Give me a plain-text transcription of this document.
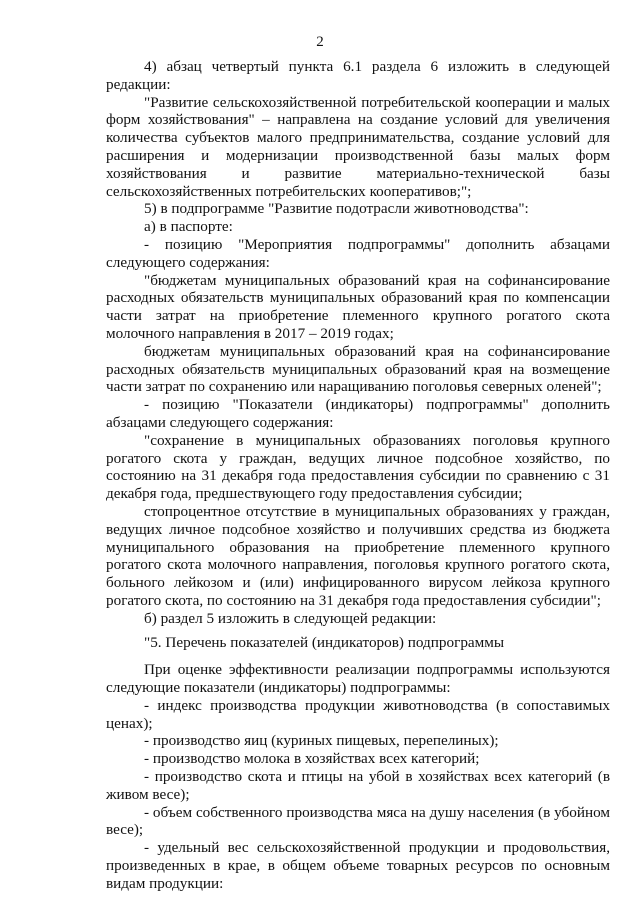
2

4) абзац четвертый пункта 6.1 раздела 6 изложить в следующей редакции:

"Развитие сельскохозяйственной потребительской кооперации и малых форм хозяйствования" – направлена на создание условий для увеличения количества субъектов малого предпринимательства, создание условий для расширения и модернизации производственной базы малых форм хозяйствования и развитие материально-технической базы сельскохозяйственных потребительских кооперативов;";

5) в подпрограмме "Развитие подотрасли животноводства":

а) в паспорте:

- позицию "Мероприятия подпрограммы" дополнить абзацами следующего содержания:

"бюджетам муниципальных образований края на софинансирование расходных обязательств муниципальных образований края по компенсации части затрат на приобретение племенного крупного рогатого скота молочного направления в 2017 – 2019 годах;

бюджетам муниципальных образований края на софинансирование расходных обязательств муниципальных образований края на возмещение части затрат по сохранению или наращиванию поголовья северных оленей";

- позицию "Показатели (индикаторы) подпрограммы" дополнить абзацами следующего содержания:

"сохранение в муниципальных образованиях поголовья крупного рогатого скота у граждан, ведущих личное подсобное хозяйство, по состоянию на 31 декабря года предоставления субсидии по сравнению с 31 декабря года, предшествующего году предоставления субсидии;

стопроцентное отсутствие в муниципальных образованиях у граждан, ведущих личное подсобное хозяйство и получивших средства из бюджета муниципального образования на приобретение племенного крупного рогатого скота молочного направления, поголовья крупного рогатого скота, больного лейкозом и (или) инфицированного вирусом лейкоза крупного рогатого скота, по состоянию на 31 декабря года предоставления субсидии";

б) раздел 5 изложить в следующей редакции:

"5. Перечень показателей (индикаторов) подпрограммы

При оценке эффективности реализации подпрограммы используются следующие показатели (индикаторы) подпрограммы:

- индекс производства продукции животноводства (в сопоставимых ценах);

- производство яиц (куриных пищевых, перепелиных);

- производство молока в хозяйствах всех категорий;

- производство скота и птицы на убой в хозяйствах всех категорий (в живом весе);

- объем собственного производства мяса на душу населения (в убойном весе);

- удельный вес сельскохозяйственной продукции и продовольствия, произведенных в крае, в общем объеме товарных ресурсов по основным видам продукции:
